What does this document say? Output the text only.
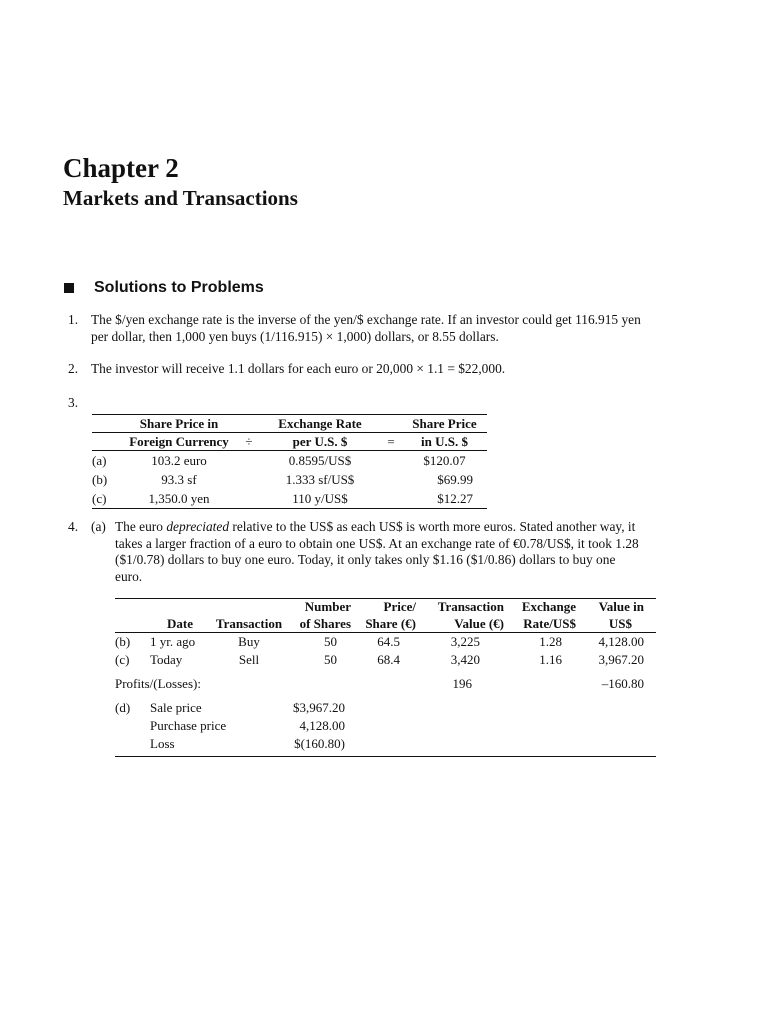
Chapter 2
Markets and Transactions
Solutions to Problems
1. The $/yen exchange rate is the inverse of the yen/$ exchange rate. If an investor could get 116.915 yen per dollar, then 1,000 yen buys (1/116.915) × 1,000) dollars, or 8.55 dollars.
2. The investor will receive 1.1 dollars for each euro or 20,000 × 1.1 = $22,000.
3.
	Share Price in		Exchange Rate		Share Price
	Foreign Currency	÷	per U.S. $	=	in U.S. $
(a)	103.2 euro		0.8595/US$		$120.07
(b)	93.3 sf		1.333 sf/US$		$69.99
(c)	1,350.0 yen		110 y/US$		$12.27
4. (a) The euro depreciated relative to the US$ as each US$ is worth more euros. Stated another way, it takes a larger fraction of a euro to obtain one US$. At an exchange rate of €0.78/US$, it took 1.28 ($1/0.78) dollars to buy one euro. Today, it only takes only $1.16 ($1/0.86) dollars to buy one euro.
			Number	Price/	Transaction	Exchange	Value in
	Date	Transaction	of Shares	Share (€)	Value (€)	Rate/US$	US$
(b)	1 yr. ago	Buy	50	64.5	3,225	1.28	4,128.00
(c)	Today	Sell	50	68.4	3,420	1.16	3,967.20
Profits/(Losses):					196		–160.80
(d)	Sale price		$3,967.20				
	Purchase price		4,128.00				
	Loss		$(160.80)				
